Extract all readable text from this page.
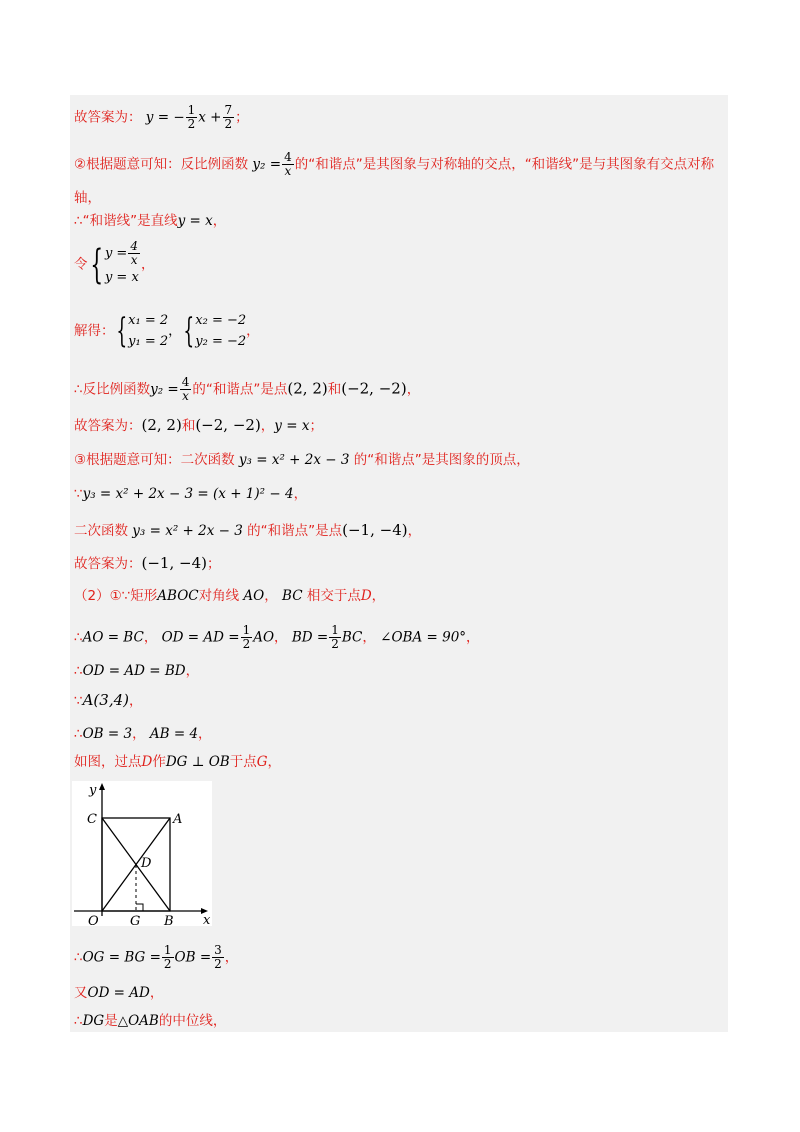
故答案为： y = − $\frac{1}{2}$ $x + \frac{7}{2}$ ；
②根据题意可知：反比例函数 $y_2 = \frac{4}{x}$ 的“和谐点”是其图象与对称轴的交点，“和谐线”是与其图象有交点对称
轴，
∴“和谐线”是直线y = x，
令{ $y = \frac{4}{x}$

y = x，
解得：{x₁ = 2
y₁ = 2，{x₂ = −2
y₂ = −2，
∴反比例函数$y_2 = \frac{4}{x}$ 的“和谐点”是点(2, 2)和(−2, −2)，
故答案为：(2, 2)和(−2, −2)，y = x；
③根据题意可知：二次函数 y₃ = x² + 2x − 3 的“和谐点”是其图象的顶点，
∵y₃ = x² + 2x − 3 = (x + 1)² − 4，
二次函数 y₃ = x² + 2x − 3 的“和谐点”是点(−1, −4)，
故答案为：(−1, −4)；
（2）①∵矩形ABOC对角线 AO， BC 相交于点D，
∴AO = BC， OD = AD = $\frac{1}{2}$ AO， BD = $\frac{1}{2}$ BC， ∠OBA = 90°，
∴OD = AD = BD，
∵A(3,4)，
∴OB = 3， AB = 4，
如图，过点D作DG ⊥ OB于点G，
y
x
C	A
D
O G B
∴OG = BG = $\frac{1}{2}$ OB = $\frac{3}{2}$ ，
又OD = AD，
∴DG是△OAB的中位线，
